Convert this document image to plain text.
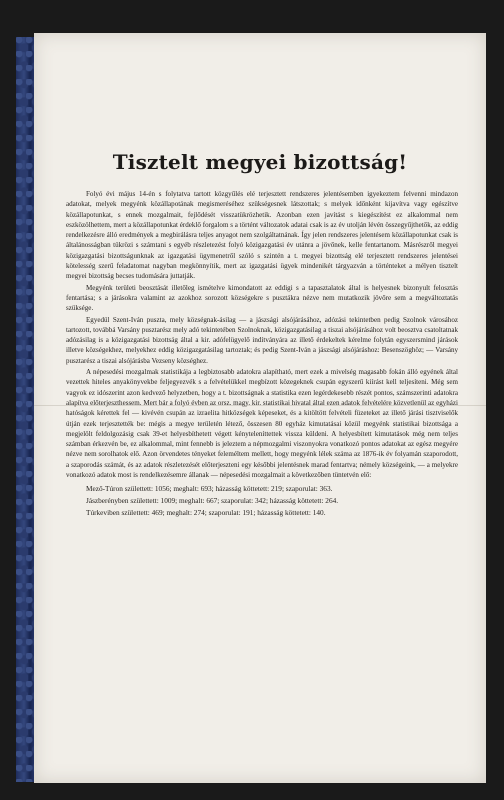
Tisztelt megyei bizottság!

Folyó évi május 14-én s folytatva tartott közgyűlés elé terjesztett rendszeres jelentésemben igyekeztem felvenni mindazon adatokat, melyek megyénk közállapotának megismeréséhez szükségesnek látszottak; s melyek időnként kijavítva vagy egészítve közállapotunkat, s ennek mozgalmait, fejlődését visszatükrözhetik. Azonban ezen javítást s kiegészítést ez alkalommal nem eszközölhettem, mert a közállapotunkat érdeklő forgalom s a történt változatok adatai csak is az év utolján lévén összegyűjthetők, az eddig rendelkezésre álló eredmények a megbirálásra teljes anyagot nem szolgáltatnának. Így jelen rendszeres jelentésem közállapotunkat csak is általánosságban tükrözi s számtani s egyéb részletezést folyó közigazgatási év utánra a jövőnek, kelle fentartanom. Másrészről megyei közigazgatási bizottságunknak az igazgatási ügymenetről szóló s szintén a t. megyei bizottság elé terjesztett rendszeres jelentései kötelesség szerű feladatomat nagyban megkönnyítik, mert az igazgatási ügyek mindenikét tárgyazván a történteket a mélyen tisztelt megyei bizottság becses tudomására juttatják.

Megyénk területi beosztását illetőleg ismételve kimondatott az eddigi s a tapasztalatok által is helyesnek bizonyult felosztás fentartása; s a járásokra valamint az azokhoz sorozott községekre s pusztákra nézve nem mutatkozik jövőre sem a megváltoztatás szüksége.

Egyedül Szent-Iván puszta, mely községnak-ásilag — a jászsági alsójárásához, adózási tekintetben pedig Szolnok városához tartozott, továbbá Varsány pusztarész mely adó tekintetében Szolnoknak, közigazgatásilag a tiszai alsójárásához volt beosztva csatoltatnak adózásilag is a közigazgatási bizottság által a kir. adófelügyelő indítványára az illető érdekeltek kérelme folytán egyszersmind járások illetve községekhez, melyekhez eddig közigazgatásilag tartoztak; és pedig Szent-Iván a jászsági alsójáráshoz: Besenszöghöz; — Varsány pusztarész a tiszai alsójárásba Vezseny községhez.

A népesedési mozgalmak statistikája a legbiztosabb adatokra alapítható, mert ezek a mivelség magasabb fokán álló egyének által vezettek hiteles anyakönyvekbe feljegyezvék s a felvételükkel megbízott közegeknek csupán egyszerű kiírást kell teljesíteni. Még sem vagyok ez idószerint azon kedvező helyzetben, hogy a t. bizottságnak a statistika ezen legérdekesebb részét pontos, számszerinti adatokra alapítva előterjeszthessem. Mert bár a folyó évben az orsz. magy. kir. statistikai hivatal által ezen adatok felvételére közvetlenül az egyházi hatóságok kérettek fel — kivévén csupán az izraelita hitközségek képeseket, és a kitöltött felvételi füzeteket az illető járási tisztviselők útján ezek terjesztették be: mégis a megye területén létező, összesen 80 egyház kimutatásai közül megyénk statistikai bizottsága a megjelölt feldolgozásig csak 39-et helyesbíthetett végett kényteleníttettek vissza küldeni. A helyesbített kimutatások még nem teljes számban érkezvén be, ez alkalommal, mint fennebb is jeleztem a népmozgalmi viszonyokra vonatkozó pontos adatokat az egész megyére nézve nem sorolhatok elő. Azon örvendetes tényeket feleméltem mellett, hogy megyénk lélek száma az 1876-ik év folyamán szaporodott, a szaporodás számát, és az adatok részletezését előterjeszteni egy későbbi jelentésnek marad fentartva; némely községeink, — a melyekre vonatkozó adatok most is rendelkezésemre állanak — népesedési mozgalmait a következőben tüntetvén elő:

Mező-Túron születtett: 1056; meghalt: 693; házasság köttetett: 219; szaporulat: 363.

Jászberényben születtett: 1009; meghalt: 667; szaporulat: 342; házasság köttetett: 264.

Túrkeviben születtett: 469; meghalt: 274; szaporulat: 191; házasság köttetett: 140.
